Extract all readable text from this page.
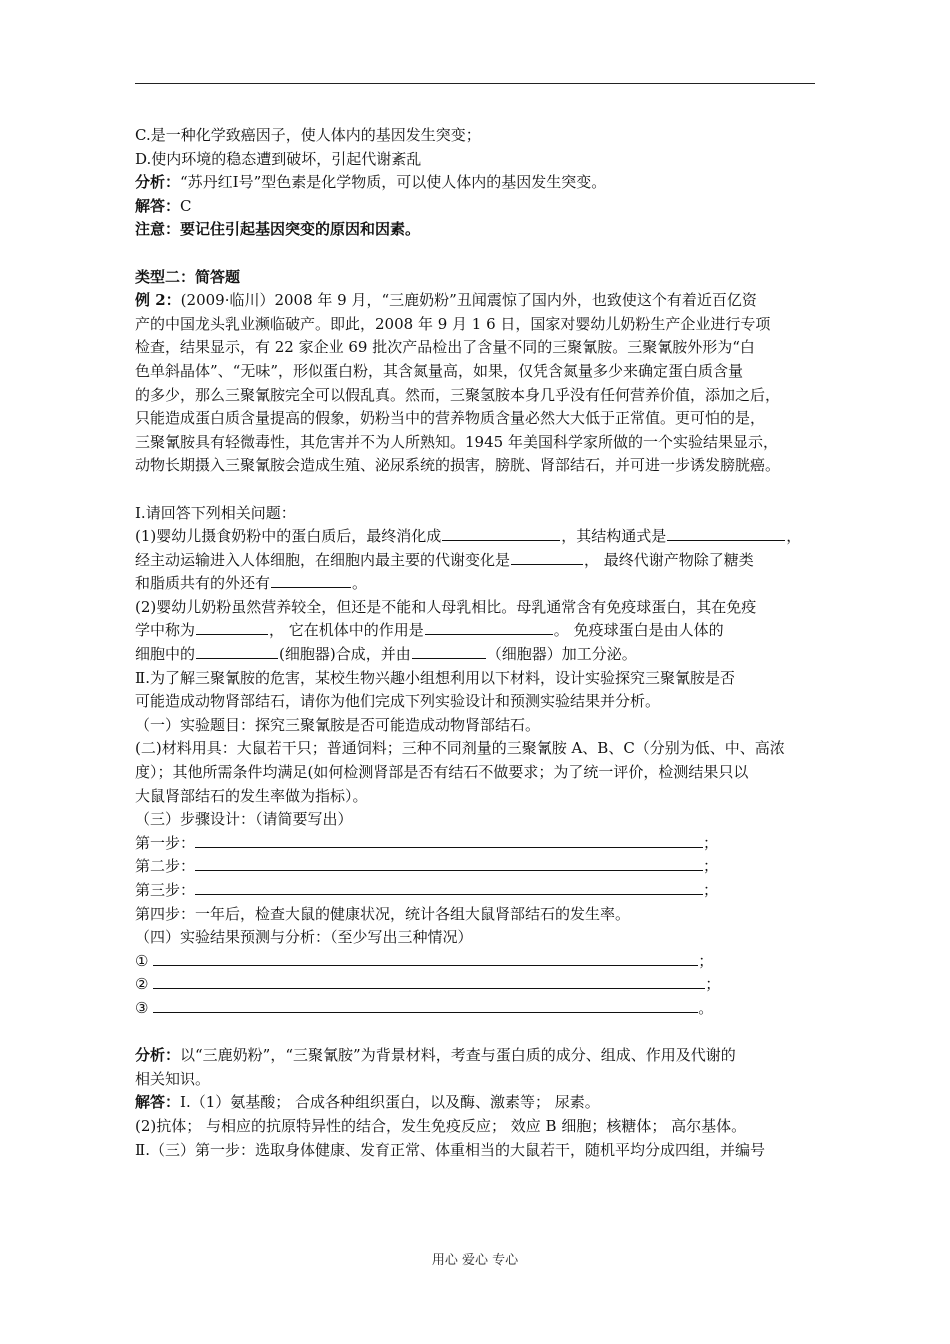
C.是一种化学致癌因子，使人体内的基因发生突变；
D.使内环境的稳态遭到破坏，引起代谢紊乱
分析：“苏丹红Ⅰ号”型色素是化学物质，可以使人体内的基因发生突变。
解答：C
注意：要记住引起基因突变的原因和因素。
类型二：简答题
例 2：(2009·临川）2008 年 9 月，“三鹿奶粉”丑闻震惊了国内外，也致使这个有着近百亿资
产的中国龙头乳业濒临破产。即此，2008 年 9 月 1 6 日，国家对婴幼儿奶粉生产企业进行专项
检查，结果显示，有 22 家企业 69 批次产品检出了含量不同的三聚氰胺。三聚氰胺外形为“白
色单斜晶体”、“无味”，形似蛋白粉，其含氮量高，如果，仅凭含氮量多少来确定蛋白质含量
的多少，那么三聚氰胺完全可以假乱真。然而，三聚氢胺本身几乎没有任何营养价值，添加之后，
只能造成蛋白质含量提高的假象，奶粉当中的营养物质含量必然大大低于正常值。更可怕的是，
三聚氰胺具有轻微毒性，其危害并不为人所熟知。1945 年美国科学家所做的一个实验结果显示，
动物长期摄入三聚氰胺会造成生殖、泌尿系统的损害，膀胱、肾部结石，并可进一步诱发膀胱癌。
Ⅰ.请回答下列相关问题：
(1)婴幼儿摄食奶粉中的蛋白质后，最终消化成	，其结构通式是	，
经主动运输进入人体细胞，在细胞内最主要的代谢变化是	， 最终代谢产物除了糖类
和脂质共有的外还有	。
(2)婴幼儿奶粉虽然营养较全，但还是不能和人母乳相比。母乳通常含有免疫球蛋白，其在免疫
学中称为	， 它在机体中的作用是	。 免疫球蛋白是由人体的
细胞中的	(细胞器)合成，并由	（细胞器）加工分泌。
Ⅱ.为了解三聚氰胺的危害，某校生物兴趣小组想利用以下材料，设计实验探究三聚氰胺是否
可能造成动物肾部结石，请你为他们完成下列实验设计和预测实验结果并分析。
（一）实验题目：探究三聚氰胺是否可能造成动物肾部结石。
(二)材料用具：大鼠若干只；普通饲料；三种不同剂量的三聚氰胺 A、B、C（分别为低、中、高浓
度）；其他所需条件均满足(如何检测肾部是否有结石不做要求；为了统一评价，检测结果只以
大鼠肾部结石的发生率做为指标）。
（三）步骤设计：（请简要写出）
第一步：	；
第二步：	；
第三步：	；
第四步：一年后，检查大鼠的健康状况，统计各组大鼠肾部结石的发生率。
（四）实验结果预测与分析：（至少写出三种情况）
①	；
②	；
③	。
分析：以“三鹿奶粉”，“三聚氰胺”为背景材料，考查与蛋白质的成分、组成、作用及代谢的
相关知识。
解答：Ⅰ.（1）氨基酸； 合成各种组织蛋白，以及酶、激素等； 尿素。
(2)抗体； 与相应的抗原特异性的结合，发生免疫反应； 效应 B 细胞；核糖体； 高尔基体。
Ⅱ.（三）第一步：选取身体健康、发育正常、体重相当的大鼠若干，随机平均分成四组，并编号
用心 爱心 专心
